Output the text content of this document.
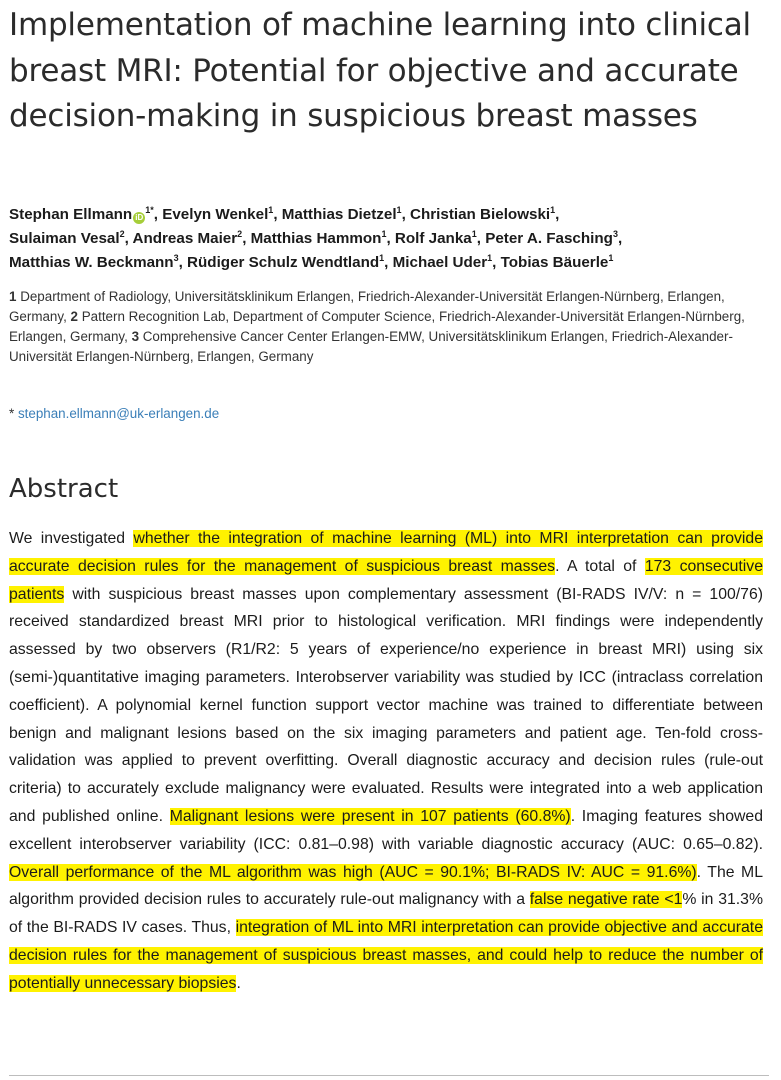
Implementation of machine learning into clinical breast MRI: Potential for objective and accurate decision-making in suspicious breast masses
Stephan Ellmann $iD^{1*}$, Evelyn Wenkel$^1$, Matthias Dietzel$^1$, Christian Bielowski$^1$,
Sulaiman Vesal$^2$, Andreas Maier$^2$, Matthias Hammon$^1$, Rolf Janka$^1$, Peter A. Fasching$^3$,
Matthias W. Beckmann$^3$, Rüdiger Schulz Wendtland$^1$, Michael Uder$^1$, Tobias Bäuerle$^1$
1 Department of Radiology, Universitätsklinikum Erlangen, Friedrich-Alexander-Universität Erlangen-Nürnberg, Erlangen, Germany, 2 Pattern Recognition Lab, Department of Computer Science, Friedrich-Alexander-Universität Erlangen-Nürnberg, Erlangen, Germany, 3 Comprehensive Cancer Center Erlangen-EMW, Universitätsklinikum Erlangen, Friedrich-Alexander-Universität Erlangen-Nürnberg, Erlangen, Germany
* stephan.ellmann@uk-erlangen.de
Abstract
We investigated whether the integration of machine learning (ML) into MRI interpretation can provide accurate decision rules for the management of suspicious breast masses. A total of 173 consecutive patients with suspicious breast masses upon complementary assessment (BI-RADS IV/V: n = 100/76) received standardized breast MRI prior to histological verification. MRI findings were independently assessed by two observers (R1/R2: 5 years of experience/no experience in breast MRI) using six (semi-)quantitative imaging parameters. Interobserver variability was studied by ICC (intraclass correlation coefficient). A polynomial kernel function support vector machine was trained to differentiate between benign and malignant lesions based on the six imaging parameters and patient age. Ten-fold cross-validation was applied to prevent overfitting. Overall diagnostic accuracy and decision rules (rule-out criteria) to accurately exclude malignancy were evaluated. Results were integrated into a web application and published online. Malignant lesions were present in 107 patients (60.8%). Imaging features showed excellent interobserver variability (ICC: 0.81–0.98) with variable diagnostic accuracy (AUC: 0.65–0.82). Overall performance of the ML algorithm was high (AUC = 90.1%; BI-RADS IV: AUC = 91.6%). The ML algorithm provided decision rules to accurately rule-out malignancy with a false negative rate <1% in 31.3% of the BI-RADS IV cases. Thus, integration of ML into MRI interpretation can provide objective and accurate decision rules for the management of suspicious breast masses, and could help to reduce the number of potentially unnecessary biopsies.
